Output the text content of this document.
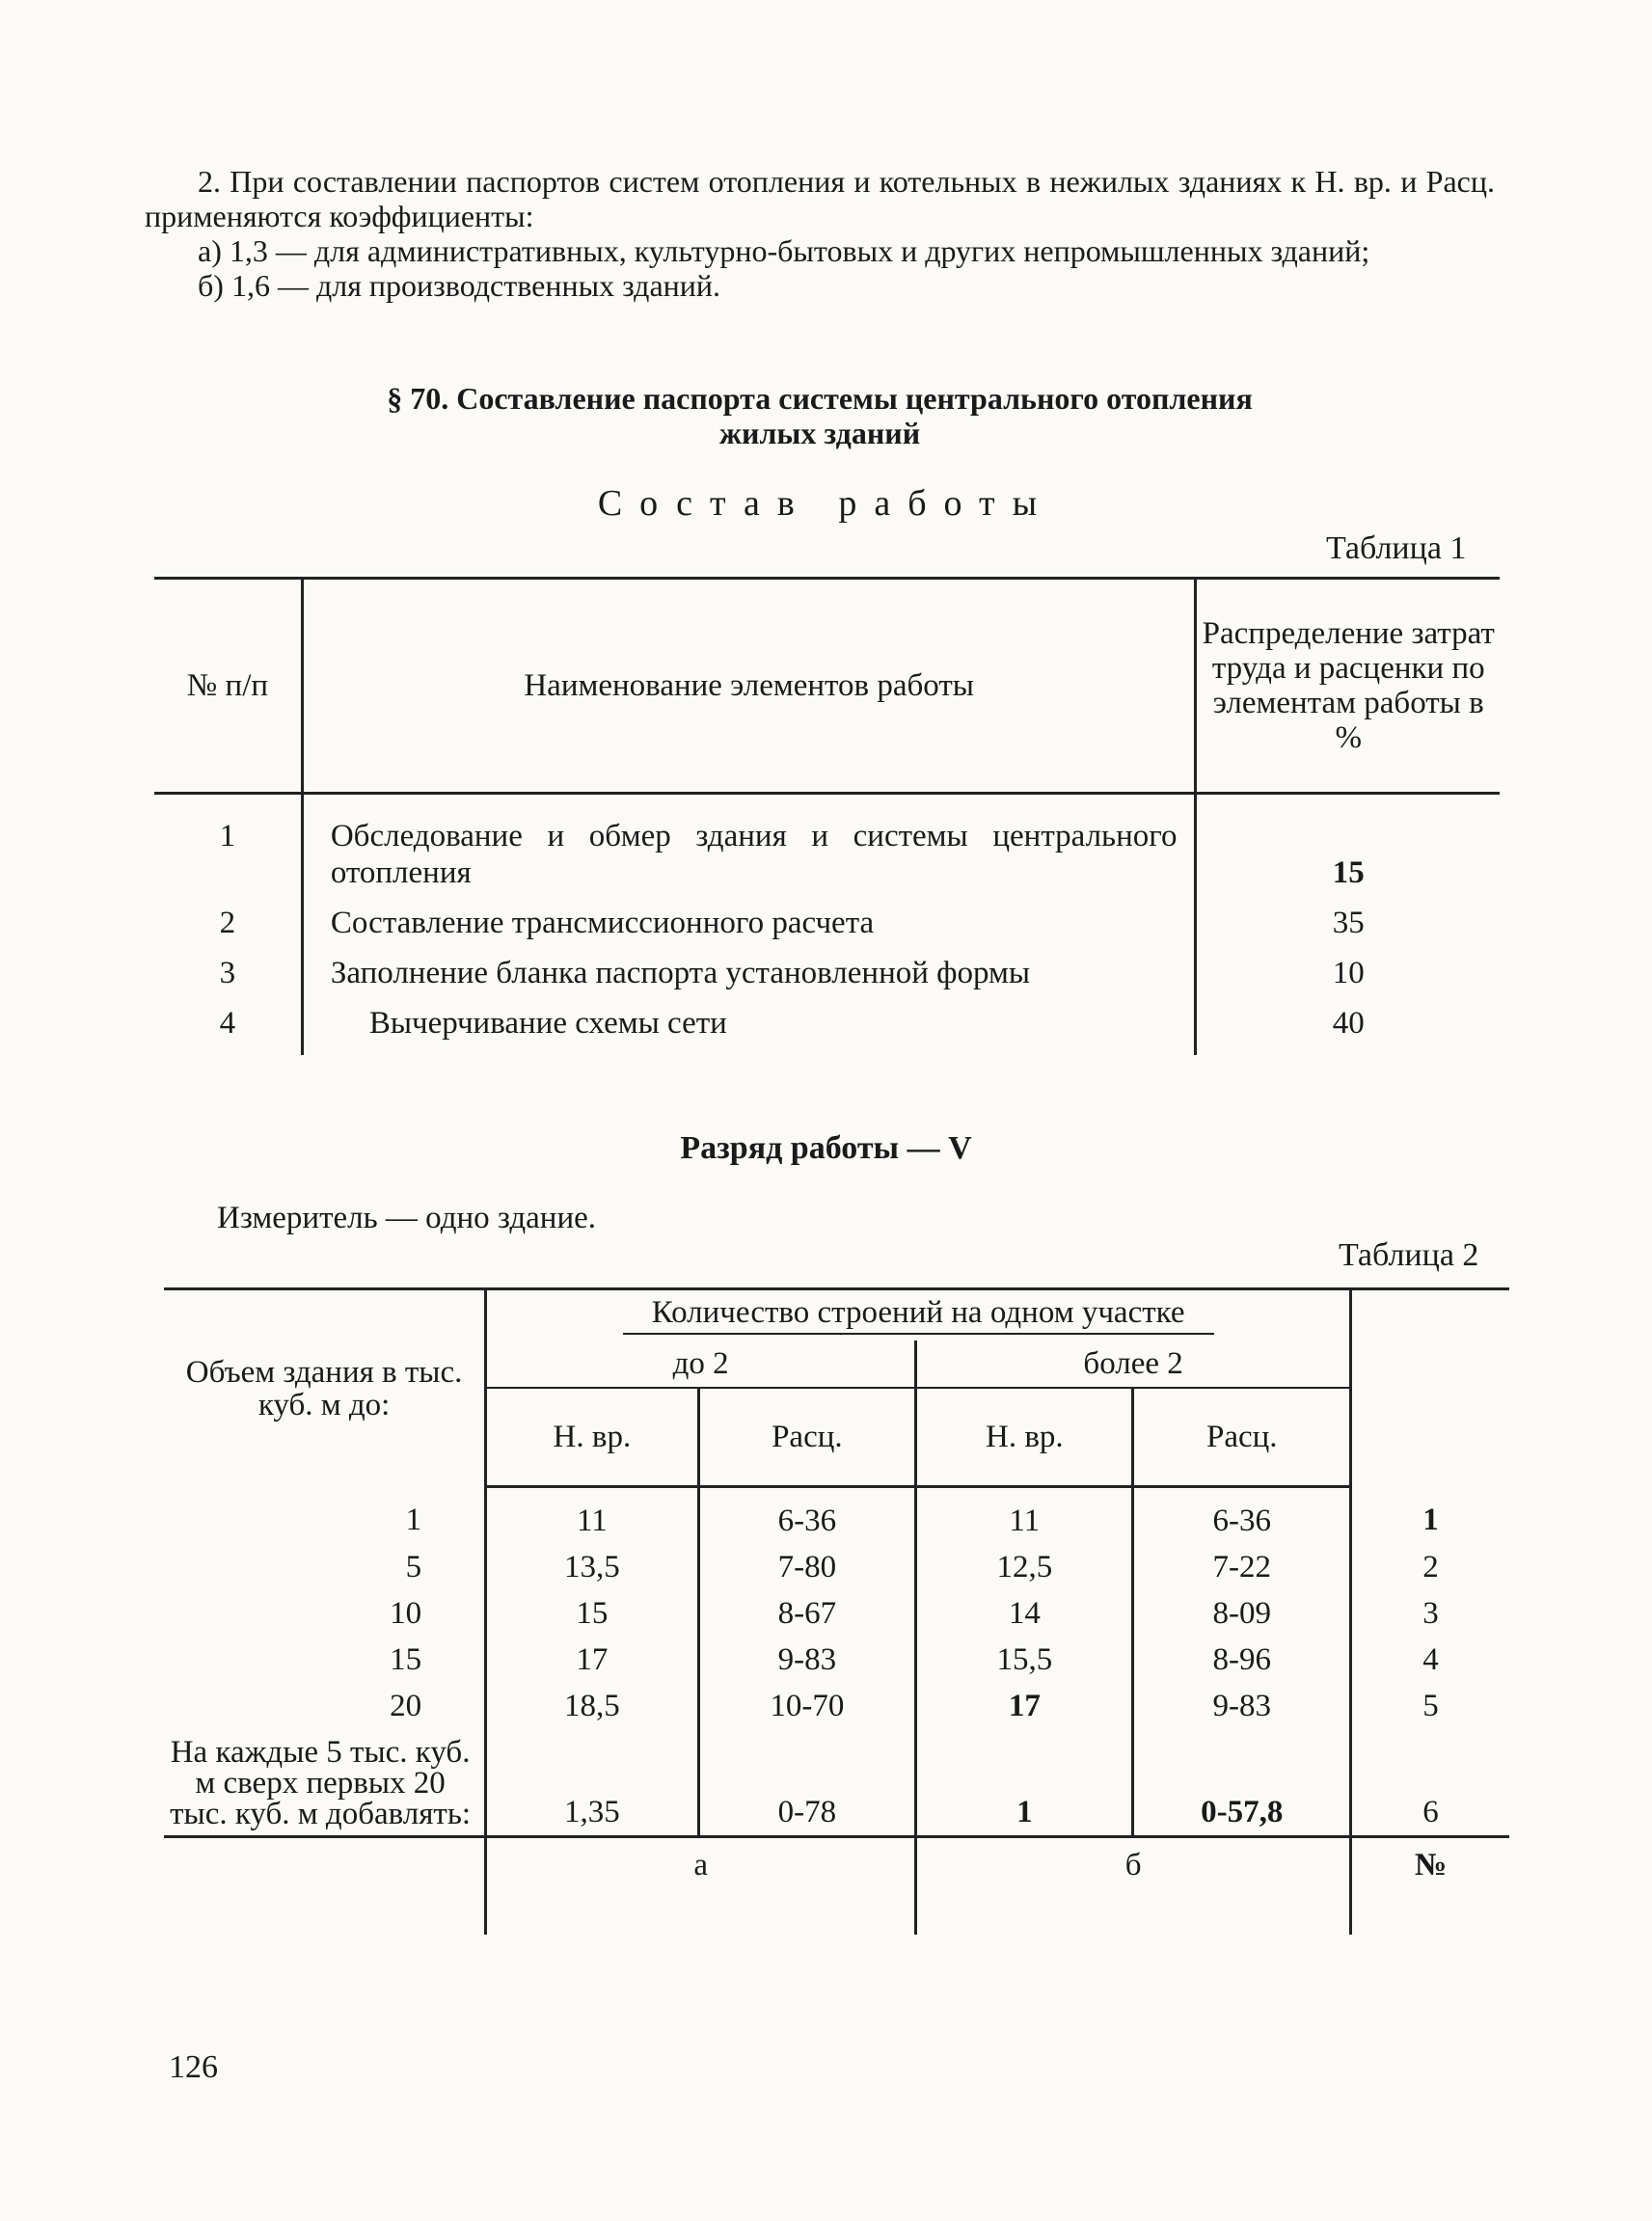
2. При составлении паспортов систем отопления и котельных в нежилых зданиях к Н. вр. и Расц. применяются коэффициенты:

а) 1,3 — для административных, культурно-бытовых и других непромышленных зданий;

б) 1,6 — для производственных зданий.

§ 70. Составление паспорта системы центрального отопления
жилых зданий
Состав работы
Таблица 1
№ п/п	Наименование элементов работы	Распределение затрат труда и расценки по элементам работы в %
1	Обследование и обмер здания и системы центрального отопления	15
2	Составление трансмиссионного расчета	35
3	Заполнение бланка паспорта установленной формы	10
4	Вычерчивание схемы сети	40
Разряд работы — V
Измеритель — одно здание.
Таблица 2
Объем здания в тыс. куб. м до:	Количество строений на одном участке				
	до 2		более 2		
	Н. вр.	Расц.	Н. вр.	Расц.	
1	11	6-36	11	6-36	1
5	13,5	7-80	12,5	7-22	2
10	15	8-67	14	8-09	3
15	17	9-83	15,5	8-96	4
20	18,5	10-70	17	9-83	5
На каждые 5 тыс. куб. м сверх первых 20 тыс. куб. м добавлять:	1,35	0-78	1	0-57,8	6
	а		б		№
126
